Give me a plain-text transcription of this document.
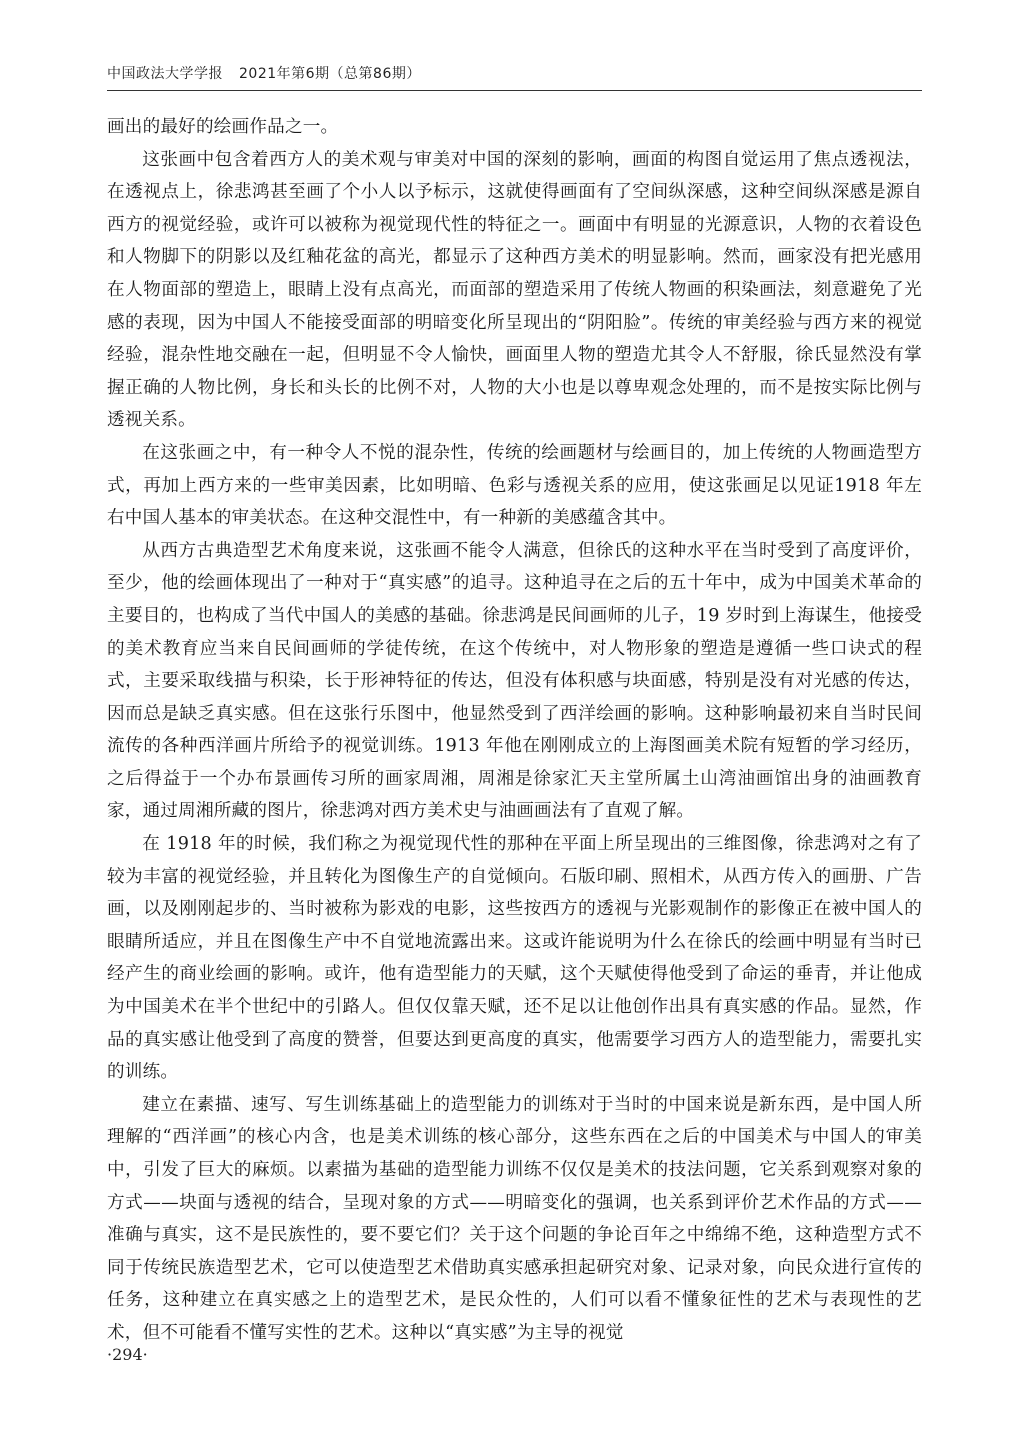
中国政法大学学报 2021年第6期（总第86期）

画出的最好的绘画作品之一。

这张画中包含着西方人的美术观与审美对中国的深刻的影响，画面的构图自觉运用了焦点透视法，在透视点上，徐悲鸿甚至画了个小人以予标示，这就使得画面有了空间纵深感，这种空间纵深感是源自西方的视觉经验，或许可以被称为视觉现代性的特征之一。画面中有明显的光源意识，人物的衣着设色和人物脚下的阴影以及红釉花盆的高光，都显示了这种西方美术的明显影响。然而，画家没有把光感用在人物面部的塑造上，眼睛上没有点高光，而面部的塑造采用了传统人物画的积染画法，刻意避免了光感的表现，因为中国人不能接受面部的明暗变化所呈现出的“阴阳脸”。传统的审美经验与西方来的视觉经验，混杂性地交融在一起，但明显不令人愉快，画面里人物的塑造尤其令人不舒服，徐氏显然没有掌握正确的人物比例，身长和头长的比例不对，人物的大小也是以尊卑观念处理的，而不是按实际比例与透视关系。

在这张画之中，有一种令人不悦的混杂性，传统的绘画题材与绘画目的，加上传统的人物画造型方式，再加上西方来的一些审美因素，比如明暗、色彩与透视关系的应用，使这张画足以见证1918 年左右中国人基本的审美状态。在这种交混性中，有一种新的美感蕴含其中。

从西方古典造型艺术角度来说，这张画不能令人满意，但徐氏的这种水平在当时受到了高度评价，至少，他的绘画体现出了一种对于“真实感”的追寻。这种追寻在之后的五十年中，成为中国美术革命的主要目的，也构成了当代中国人的美感的基础。徐悲鸿是民间画师的儿子，19 岁时到上海谋生，他接受的美术教育应当来自民间画师的学徒传统，在这个传统中，对人物形象的塑造是遵循一些口诀式的程式，主要采取线描与积染，长于形神特征的传达，但没有体积感与块面感，特别是没有对光感的传达，因而总是缺乏真实感。但在这张行乐图中，他显然受到了西洋绘画的影响。这种影响最初来自当时民间流传的各种西洋画片所给予的视觉训练。1913 年他在刚刚成立的上海图画美术院有短暂的学习经历，之后得益于一个办布景画传习所的画家周湘，周湘是徐家汇天主堂所属土山湾油画馆出身的油画教育家，通过周湘所藏的图片，徐悲鸿对西方美术史与油画画法有了直观了解。

在 1918 年的时候，我们称之为视觉现代性的那种在平面上所呈现出的三维图像，徐悲鸿对之有了较为丰富的视觉经验，并且转化为图像生产的自觉倾向。石版印刷、照相术，从西方传入的画册、广告画，以及刚刚起步的、当时被称为影戏的电影，这些按西方的透视与光影观制作的影像正在被中国人的眼睛所适应，并且在图像生产中不自觉地流露出来。这或许能说明为什么在徐氏的绘画中明显有当时已经产生的商业绘画的影响。或许，他有造型能力的天赋，这个天赋使得他受到了命运的垂青，并让他成为中国美术在半个世纪中的引路人。但仅仅靠天赋，还不足以让他创作出具有真实感的作品。显然，作品的真实感让他受到了高度的赞誉，但要达到更高度的真实，他需要学习西方人的造型能力，需要扎实的训练。

建立在素描、速写、写生训练基础上的造型能力的训练对于当时的中国来说是新东西，是中国人所理解的“西洋画”的核心内含，也是美术训练的核心部分，这些东西在之后的中国美术与中国人的审美中，引发了巨大的麻烦。以素描为基础的造型能力训练不仅仅是美术的技法问题，它关系到观察对象的方式——块面与透视的结合，呈现对象的方式——明暗变化的强调，也关系到评价艺术作品的方式——准确与真实，这不是民族性的，要不要它们？关于这个问题的争论百年之中绵绵不绝，这种造型方式不同于传统民族造型艺术，它可以使造型艺术借助真实感承担起研究对象、记录对象，向民众进行宣传的任务，这种建立在真实感之上的造型艺术，是民众性的，人们可以看不懂象征性的艺术与表现性的艺术，但不可能看不懂写实性的艺术。这种以“真实感”为主导的视觉

·294·
